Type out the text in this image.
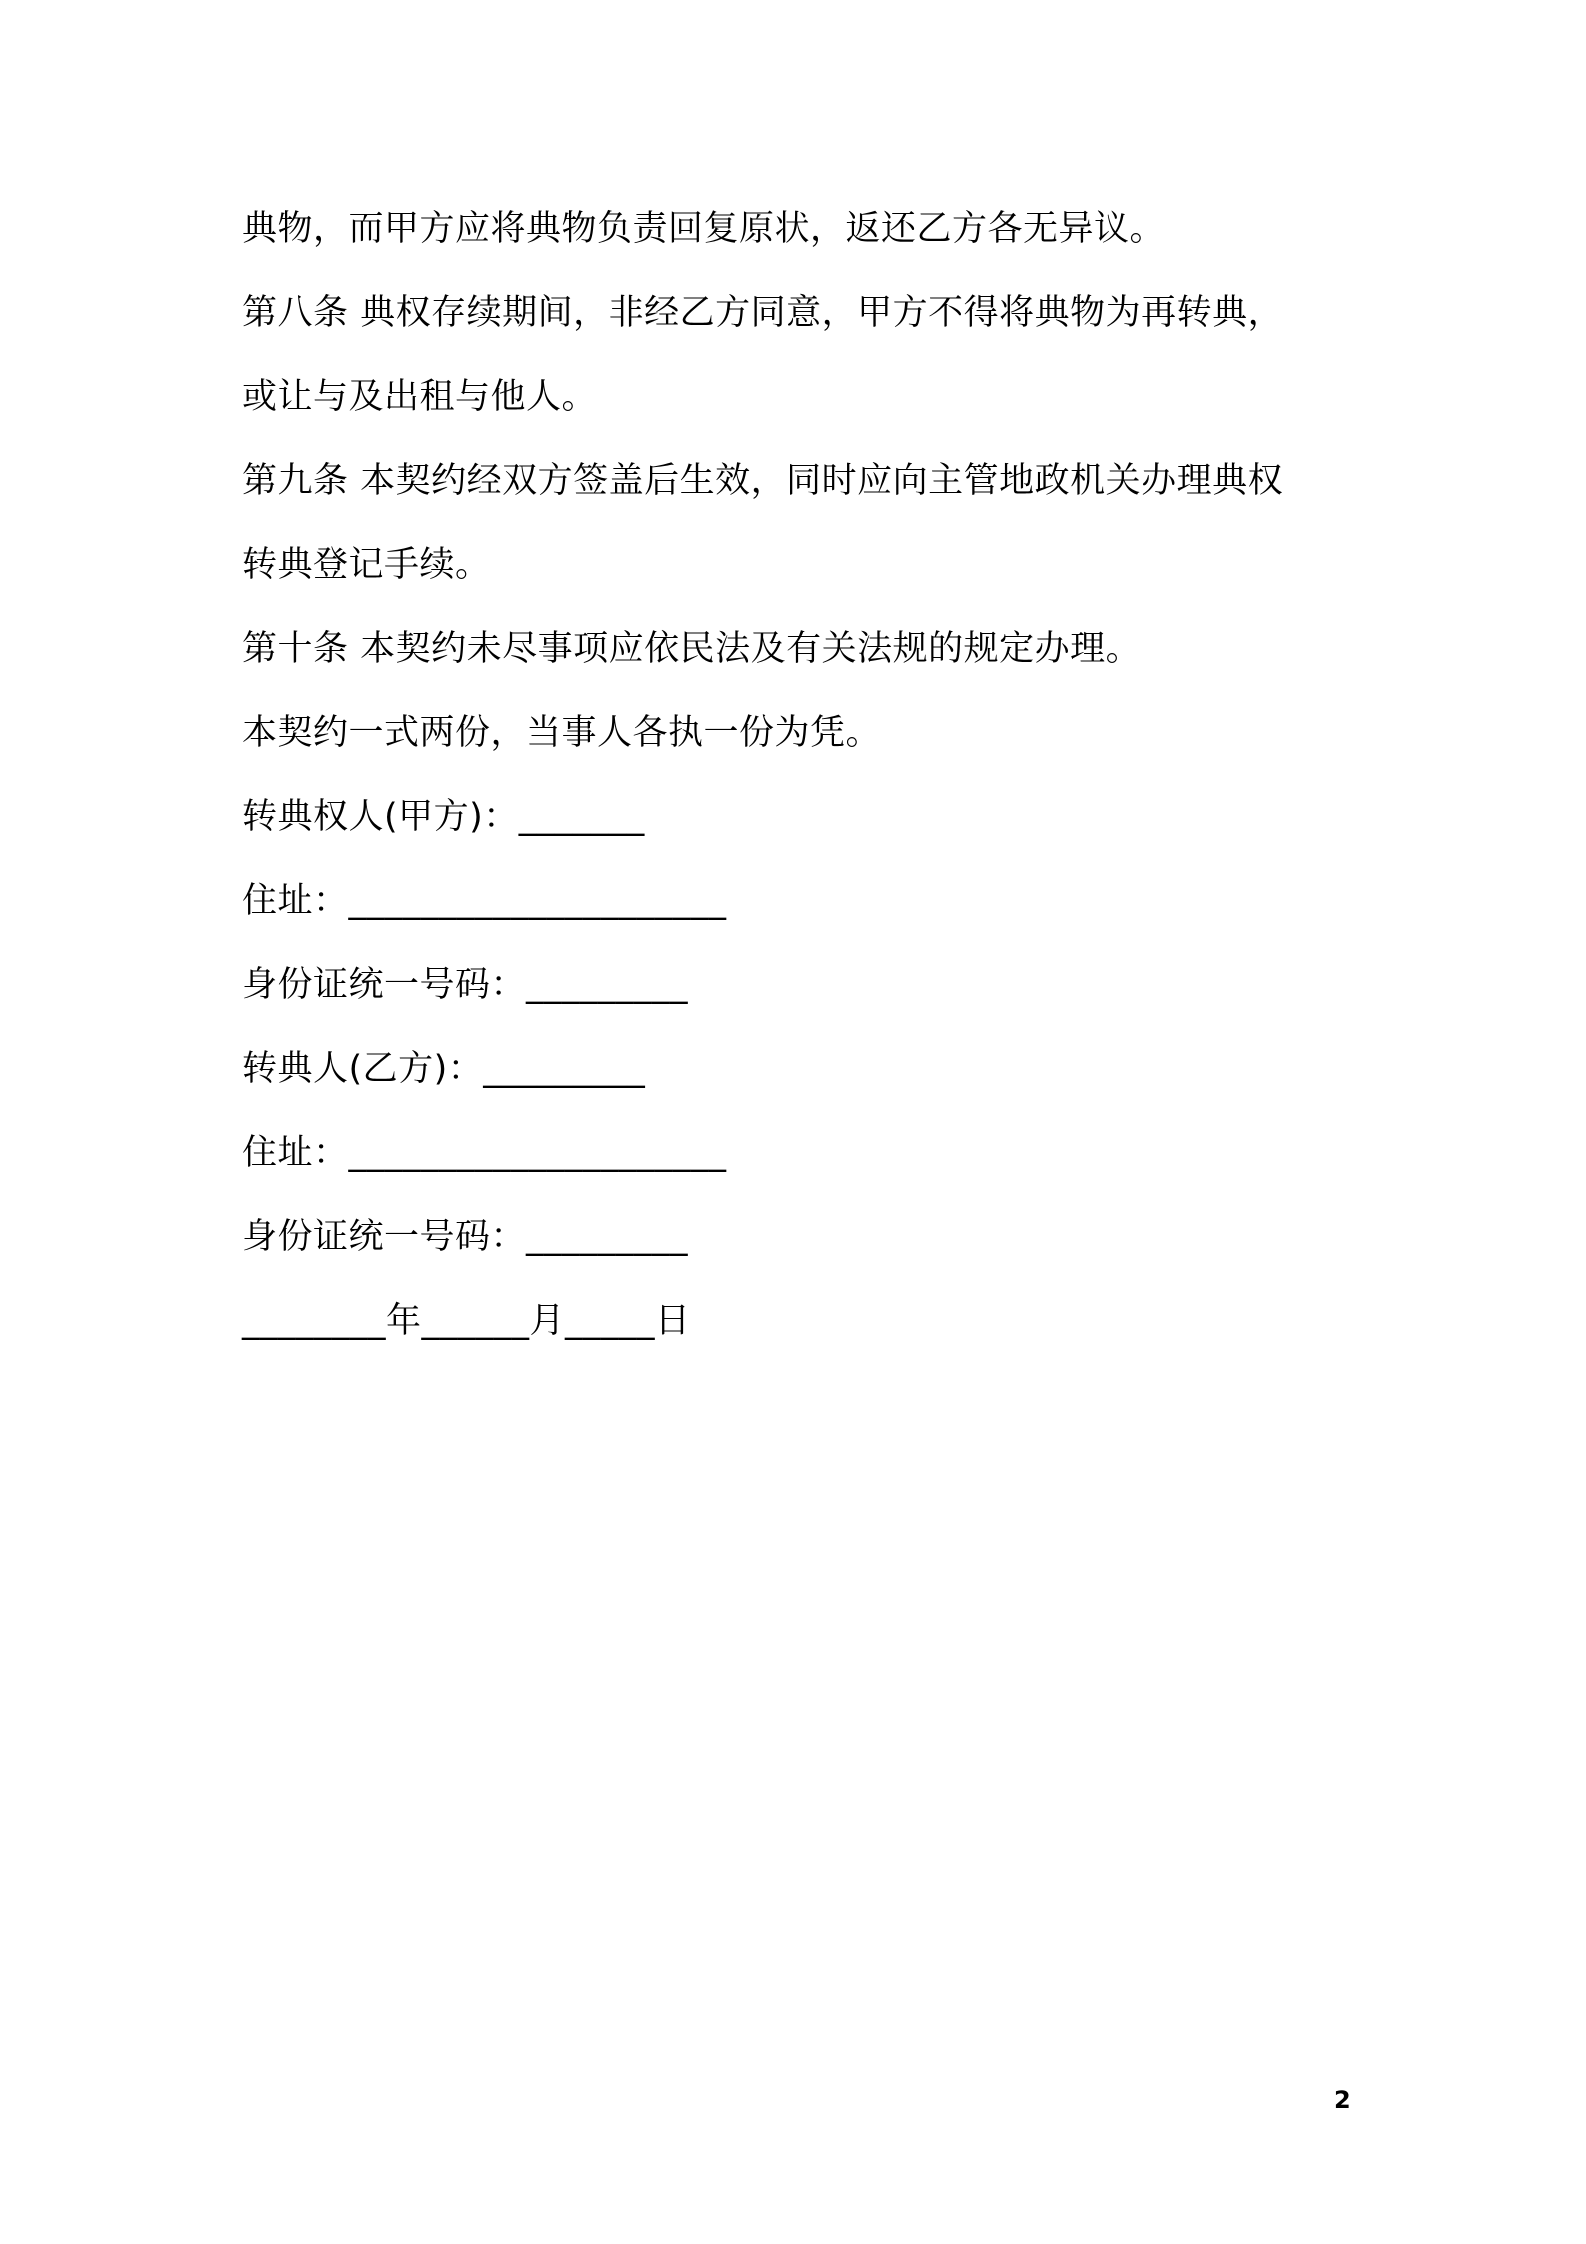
典物，而甲方应将典物负责回复原状，返还乙方各无异议。
第八条 典权存续期间，非经乙方同意，甲方不得将典物为再转典，
或让与及出租与他人。
第九条 本契约经双方签盖后生效，同时应向主管地政机关办理典权
转典登记手续。
第十条 本契约未尽事项应依民法及有关法规的规定办理。
本契约一式两份，当事人各执一份为凭。
转典权人(甲方)：_______
住址：_____________________
身份证统一号码：_________
转典人(乙方)：_________
住址：_____________________
身份证统一号码：_________
________年______月_____日
2
